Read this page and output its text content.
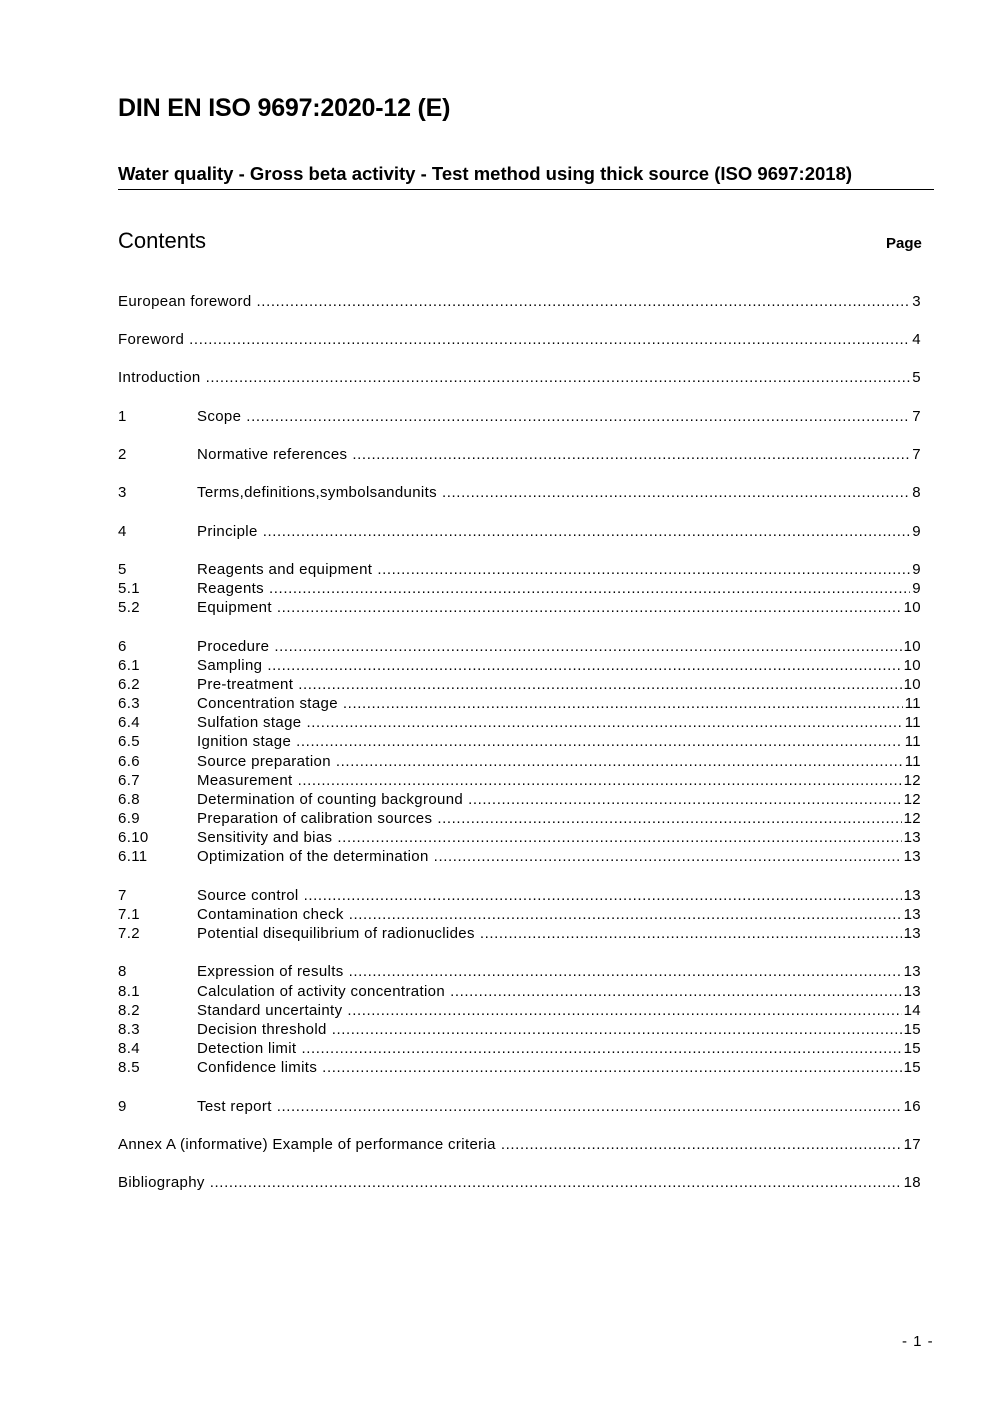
DIN EN ISO 9697:2020-12 (E)
Water quality - Gross beta activity - Test method using thick source (ISO 9697:2018)
Contents	Page
European foreword .....	3
Foreword .....	4
Introduction .....	5
1	Scope .....	7
2	Normative references .....	7
3	Terms,definitions,symbolsandunits .....	8
4	Principle .....	9
5	Reagents and equipment .....	9
5.1	Reagents .....	9
5.2	Equipment .....	10
6	Procedure .....	10
6.1	Sampling .....	10
6.2	Pre-treatment .....	10
6.3	Concentration stage .....	11
6.4	Sulfation stage .....	11
6.5	Ignition stage .....	11
6.6	Source preparation .....	11
6.7	Measurement .....	12
6.8	Determination of counting background .....	12
6.9	Preparation of calibration sources .....	12
6.10	Sensitivity and bias .....	13
6.11	Optimization of the determination .....	13
7	Source control .....	13
7.1	Contamination check .....	13
7.2	Potential disequilibrium of radionuclides .....	13
8	Expression of results .....	13
8.1	Calculation of activity concentration .....	13
8.2	Standard uncertainty .....	14
8.3	Decision threshold .....	15
8.4	Detection limit .....	15
8.5	Confidence limits .....	15
9	Test report .....	16
Annex A (informative) Example of performance criteria .....	17
Bibliography .....	18
- 1 -
